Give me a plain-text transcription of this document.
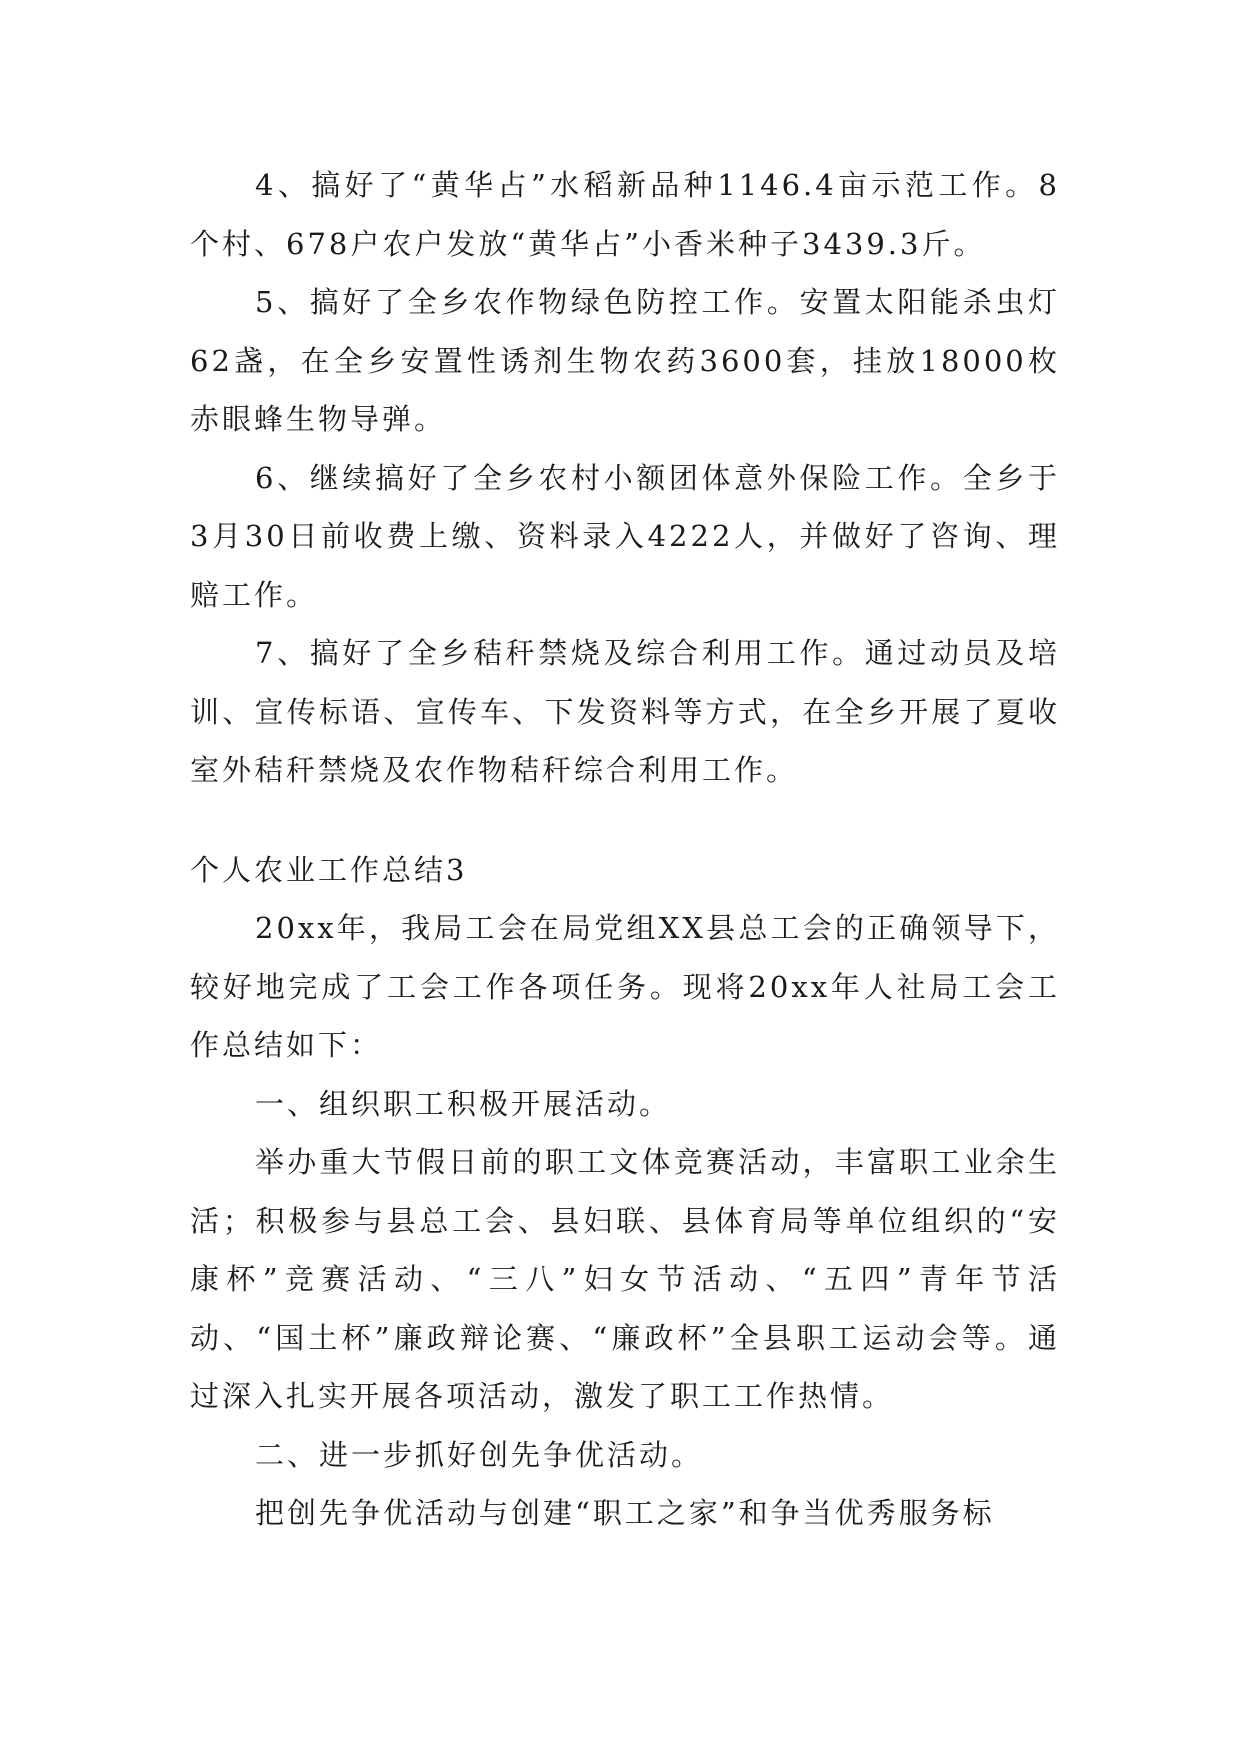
4、搞好了“黄华占”水稻新品种1146.4亩示范工作。8个村、678户农户发放“黄华占”小香米种子3439.3斤。

5、搞好了全乡农作物绿色防控工作。安置太阳能杀虫灯62盏，在全乡安置性诱剂生物农药3600套，挂放18000枚赤眼蜂生物导弹。

6、继续搞好了全乡农村小额团体意外保险工作。全乡于3月30日前收费上缴、资料录入4222人，并做好了咨询、理赔工作。

7、搞好了全乡秸秆禁烧及综合利用工作。通过动员及培训、宣传标语、宣传车、下发资料等方式，在全乡开展了夏收室外秸秆禁烧及农作物秸秆综合利用工作。

个人农业工作总结3

20xx年，我局工会在局党组XX县总工会的正确领导下，较好地完成了工会工作各项任务。现将20xx年人社局工会工作总结如下：

一、组织职工积极开展活动。

举办重大节假日前的职工文体竞赛活动，丰富职工业余生活；积极参与县总工会、县妇联、县体育局等单位组织的“安康杯”竞赛活动、“三八”妇女节活动、“五四”青年节活动、“国土杯”廉政辩论赛、“廉政杯”全县职工运动会等。通过深入扎实开展各项活动，激发了职工工作热情。

二、进一步抓好创先争优活动。

把创先争优活动与创建“职工之家”和争当优秀服务标
